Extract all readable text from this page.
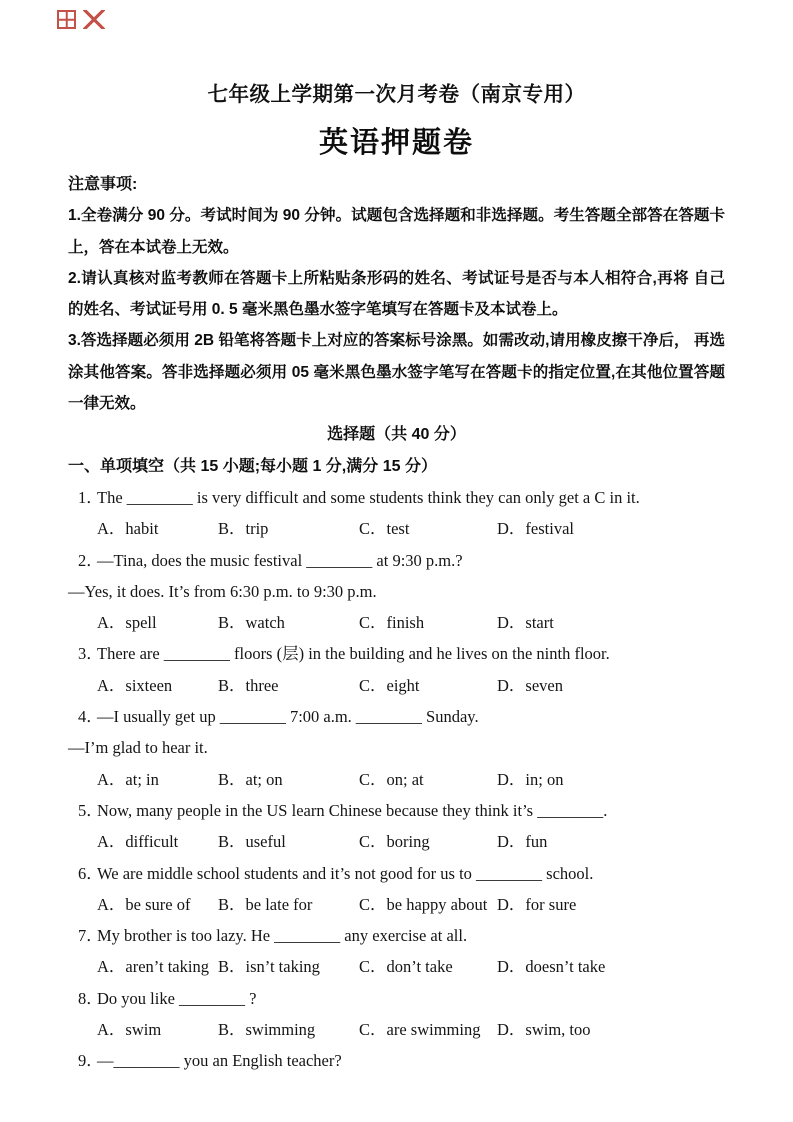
七年级上学期第一次月考卷（南京专用）
英语押题卷

注意事项:

1.全卷满分 90 分。考试时间为 90 分钟。试题包含选择题和非选择题。考生答题全部答在答题卡上，答在本试卷上无效。

2.请认真核对监考教师在答题卡上所粘贴条形码的姓名、考试证号是否与本人相符合,再将 自己的姓名、考试证号用 0. 5 毫米黑色墨水签字笔填写在答题卡及本试卷上。

3.答选择题必须用 2B 铅笔将答题卡上对应的答案标号涂黑。如需改动,请用橡皮擦干净后， 再选涂其他答案。答非选择题必须用 05 毫米黑色墨水签字笔写在答题卡的指定位置,在其他位置答题一律无效。

选择题（共 40 分）

一、单项填空（共 15 小题;每小题 1 分,满分 15 分）

1．The ________ is very difficult and some students think they can only get a C in it.

A．habit	B．trip	C．test	D．festival

2．—Tina, does the music festival ________ at 9:30 p.m.?

—Yes, it does. It’s from 6:30 p.m. to 9:30 p.m.

A．spell	B．watch	C．finish	D．start

3．There are ________ floors (层) in the building and he lives on the ninth floor.

A．sixteen	B．three	C．eight	D．seven

4．—I usually get up ________ 7:00 a.m. ________ Sunday.

—I’m glad to hear it.

A．at; in	B．at; on	C．on; at	D．in; on

5．Now, many people in the US learn Chinese because they think it’s ________.

A．difficult	B．useful	C．boring	D．fun

6．We are middle school students and it’s not good for us to ________ school.

A．be sure of	B．be late for	C．be happy about D．for sure

7．My brother is too lazy. He ________ any exercise at all.

A．aren’t taking B．isn’t taking	C．don’t take	D．doesn’t take

8．Do you like ________ ?

A．swim	B．swimming	C．are swimming	D．swim, too

9．—________ you an English teacher?
